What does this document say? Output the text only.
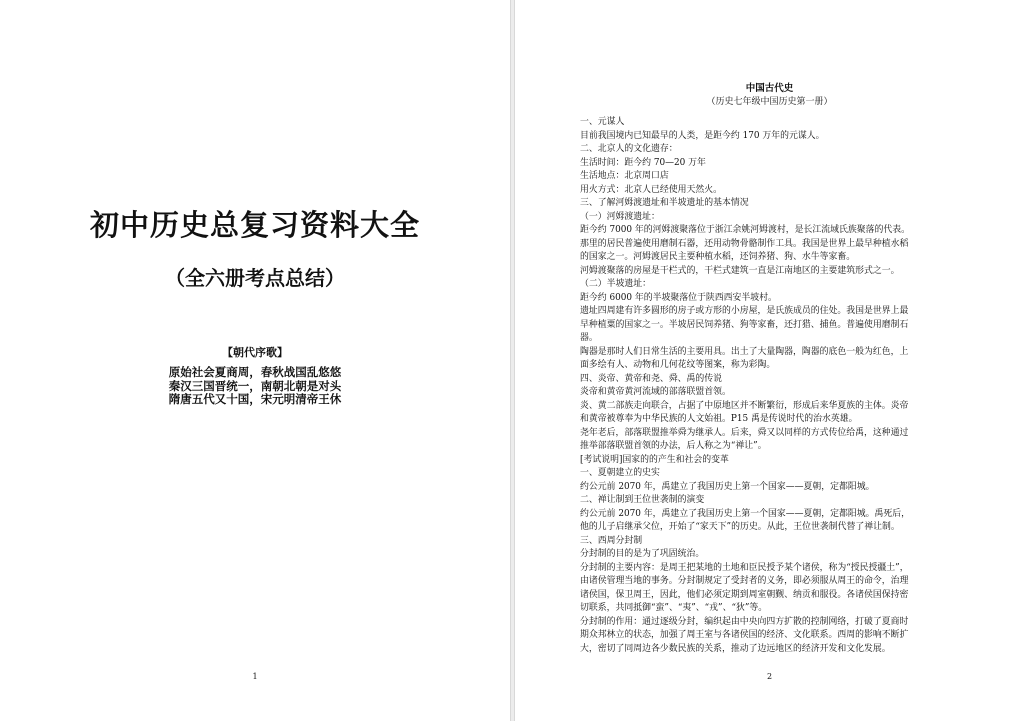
初中历史总复习资料大全
（全六册考点总结）
【朝代序歌】
原始社会夏商周，春秋战国乱悠悠
秦汉三国晋统一，南朝北朝是对头
隋唐五代又十国，宋元明清帝王休
1
中国古代史
（历史七年级中国历史第一册）
一、元谋人
目前我国境内已知最早的人类，是距今约 170 万年的元谋人。
二、北京人的文化遗存：
生活时间：距今约 70—20 万年
生活地点：北京周口店
用火方式：北京人已经使用天然火。
三、了解河姆渡遗址和半坡遗址的基本情况
（一）河姆渡遗址：
距今约 7000 年的河姆渡聚落位于浙江余姚河姆渡村，是长江流域氏族聚落的代表。
那里的居民普遍使用磨制石器，还用动物骨骼制作工具。我国是世界上最早种植水稻
的国家之一。河姆渡居民主要种植水稻，还饲养猪、狗、水牛等家畜。
河姆渡聚落的房屋是干栏式的，干栏式建筑一直是江南地区的主要建筑形式之一。
（二）半坡遗址：
距今约 6000 年的半坡聚落位于陕西西安半坡村。
遗址四周建有许多圆形的房子或方形的小房屋，是氏族成员的住处。我国是世界上最
早种植粟的国家之一。半坡居民饲养猪、狗等家畜，还打猎、捕鱼。普遍使用磨制石
器。
陶器是那时人们日常生活的主要用具。出土了大量陶器，陶器的底色一般为红色，上
面多绘有人、动物和几何花纹等图案，称为彩陶。
四、炎帝、黄帝和尧、舜、禹的传说
炎帝和黄帝黄河流域的部落联盟首领。
炎、黄二部族走向联合，占据了中原地区并不断繁衍，形成后来华夏族的主体。炎帝
和黄帝被尊奉为中华民族的人文始祖。P15 禹是传说时代的治水英雄。
尧年老后，部落联盟推举舜为继承人。后来，舜又以同样的方式传位给禹，这种通过
推举部落联盟首领的办法，后人称之为“禅让”。
[考试说明]国家的的产生和社会的变革
一、夏朝建立的史实
约公元前 2070 年，禹建立了我国历史上第一个国家——夏朝，定都阳城。
二、禅让制到王位世袭制的演变
约公元前 2070 年，禹建立了我国历史上第一个国家——夏朝，定都阳城。禹死后，
他的儿子启继承父位，开始了“家天下”的历史。从此，王位世袭制代替了禅让制。
三、西周分封制
分封制的目的是为了巩固统治。
分封制的主要内容：是周王把某地的土地和臣民授予某个诸侯，称为“授民授疆土”，
由诸侯管理当地的事务。分封制规定了受封者的义务，即必须服从周王的命令，治理
诸侯国，保卫周王，因此，他们必须定期到周室朝觐、纳贡和服役。各诸侯国保持密
切联系，共同抵御“蛮”、“夷”、“戎”、“狄”等。
分封制的作用：通过逐级分封，编织起由中央向四方扩散的控制网络，打破了夏商时
期众邦林立的状态，加强了周王室与各诸侯国的经济、文化联系。西周的影响不断扩
大，密切了同周边各少数民族的关系，推动了边远地区的经济开发和文化发展。
2
